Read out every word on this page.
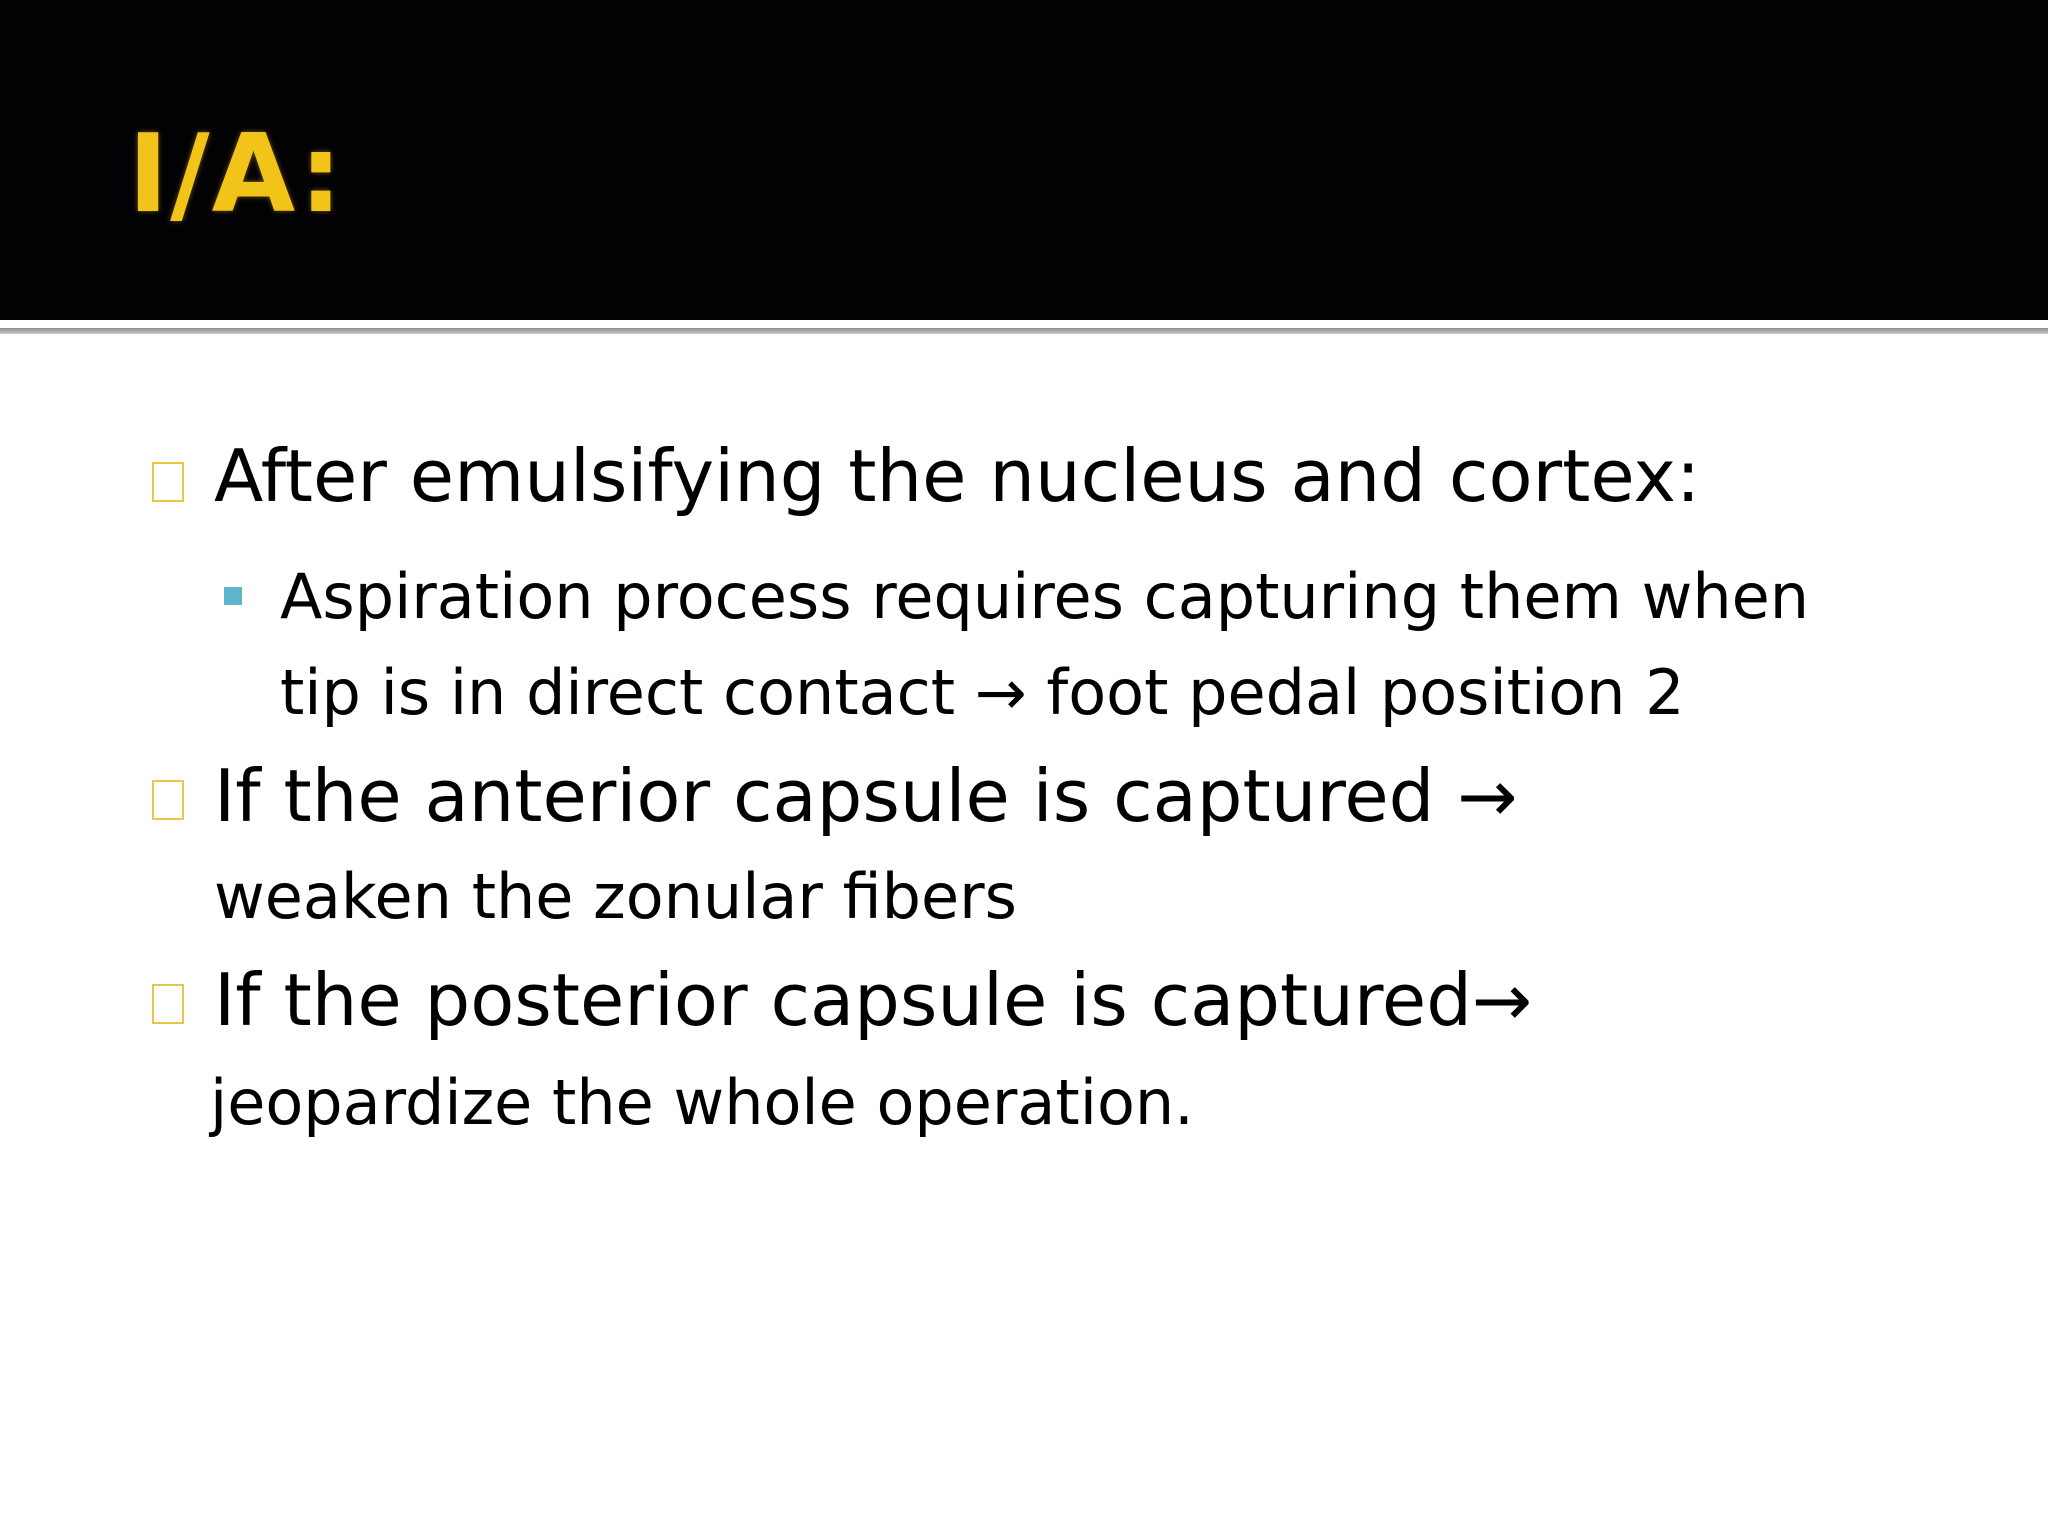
I/A:

After emulsifying the nucleus and cortex:

Aspiration process requires capturing them when

tip is in direct contact → foot pedal position 2

If the anterior capsule is captured →

weaken the zonular fibers

If the posterior capsule is captured→

jeopardize the whole operation.
